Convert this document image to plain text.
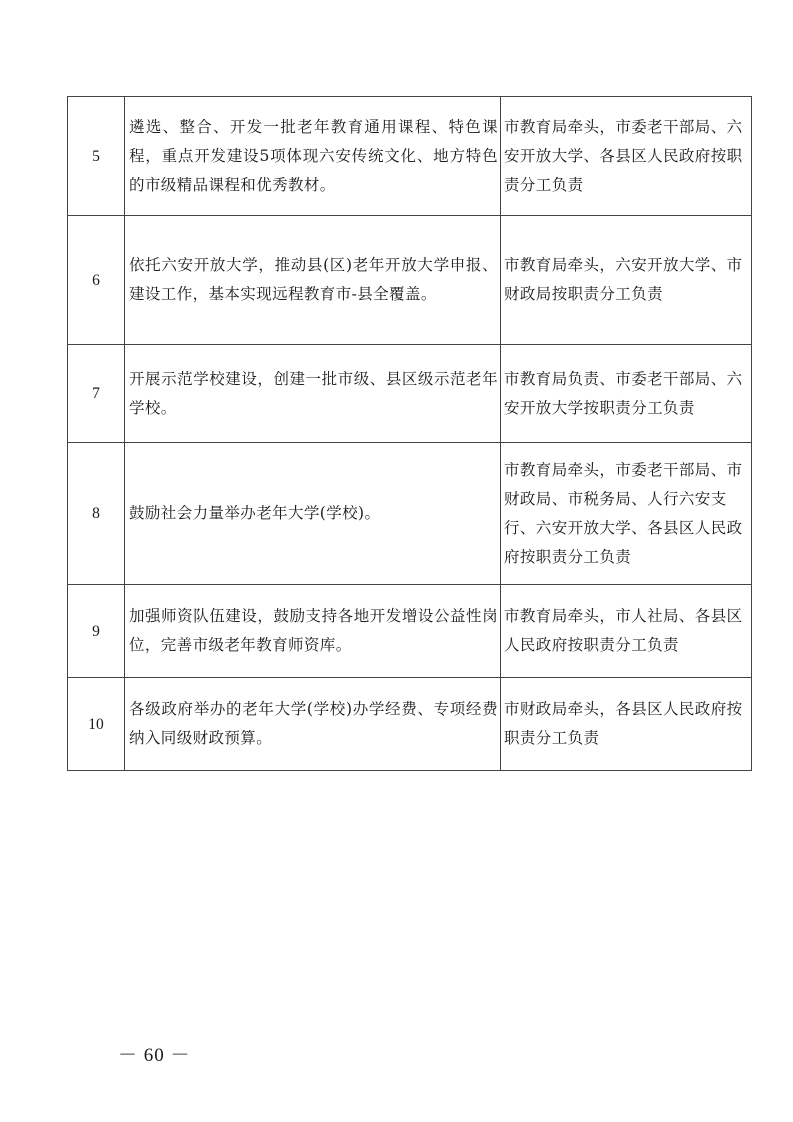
5	遴选、整合、开发一批老年教育通用课程、特色课程，重点开发建设5项体现六安传统文化、地方特色的市级精品课程和优秀教材。	市教育局牵头，市委老干部局、六安开放大学、各县区人民政府按职责分工负责
6	依托六安开放大学，推动县(区)老年开放大学申报、建设工作，基本实现远程教育市-县全覆盖。	市教育局牵头，六安开放大学、市财政局按职责分工负责
7	开展示范学校建设，创建一批市级、县区级示范老年学校。	市教育局负责、市委老干部局、六安开放大学按职责分工负责
8	鼓励社会力量举办老年大学(学校)。	市教育局牵头，市委老干部局、市财政局、市税务局、人行六安支行、六安开放大学、各县区人民政府按职责分工负责
9	加强师资队伍建设，鼓励支持各地开发增设公益性岗位，完善市级老年教育师资库。	市教育局牵头，市人社局、各县区人民政府按职责分工负责
10	各级政府举办的老年大学(学校)办学经费、专项经费纳入同级财政预算。	市财政局牵头，各县区人民政府按职责分工负责
－ 60 －
